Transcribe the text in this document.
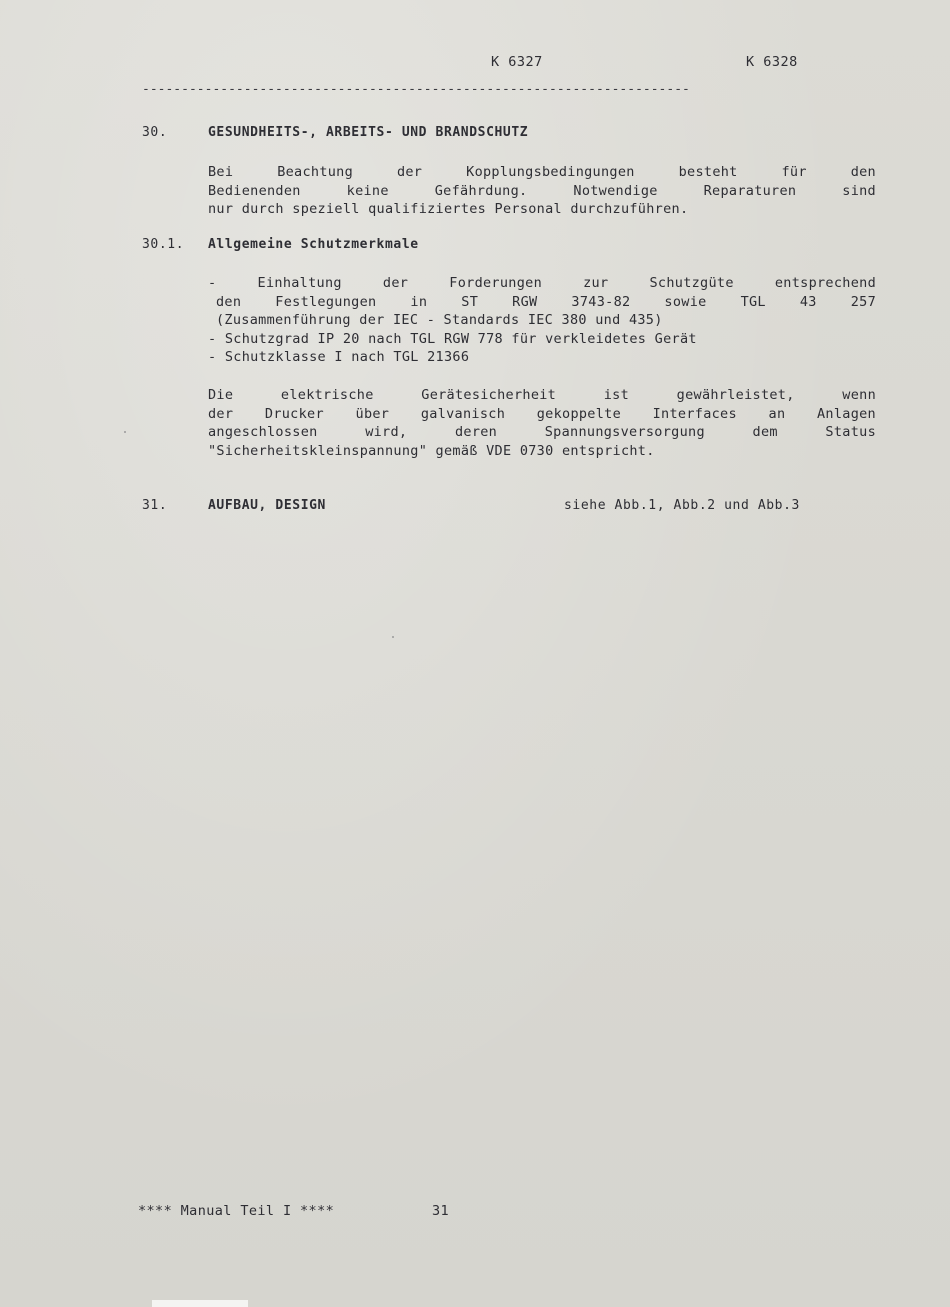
K 6327	K 6328
----------------------------------------------------------------------
30.	GESUNDHEITS-, ARBEITS- UND BRANDSCHUTZ

Bei Beachtung der Kopplungsbedingungen besteht für den

Bedienenden keine Gefährdung. Notwendige Reparaturen sind

nur durch speziell qualifiziertes Personal durchzuführen.

30.1. Allgemeine Schutzmerkmale

- Einhaltung der Forderungen zur Schutzgüte entsprechend

den Festlegungen in ST RGW 3743-82 sowie TGL 43 257

(Zusammenführung der IEC - Standards IEC 380 und 435)

- Schutzgrad IP 20 nach TGL RGW 778 für verkleidetes Gerät

- Schutzklasse I nach TGL 21366

Die elektrische Gerätesicherheit ist gewährleistet, wenn

der Drucker über galvanisch gekoppelte Interfaces an Anlagen

angeschlossen wird, deren Spannungsversorgung dem Status

"Sicherheitskleinspannung" gemäß VDE 0730 entspricht.

31.	AUFBAU, DESIGN	siehe Abb.1, Abb.2 und Abb.3
**** Manual Teil I ****	31
